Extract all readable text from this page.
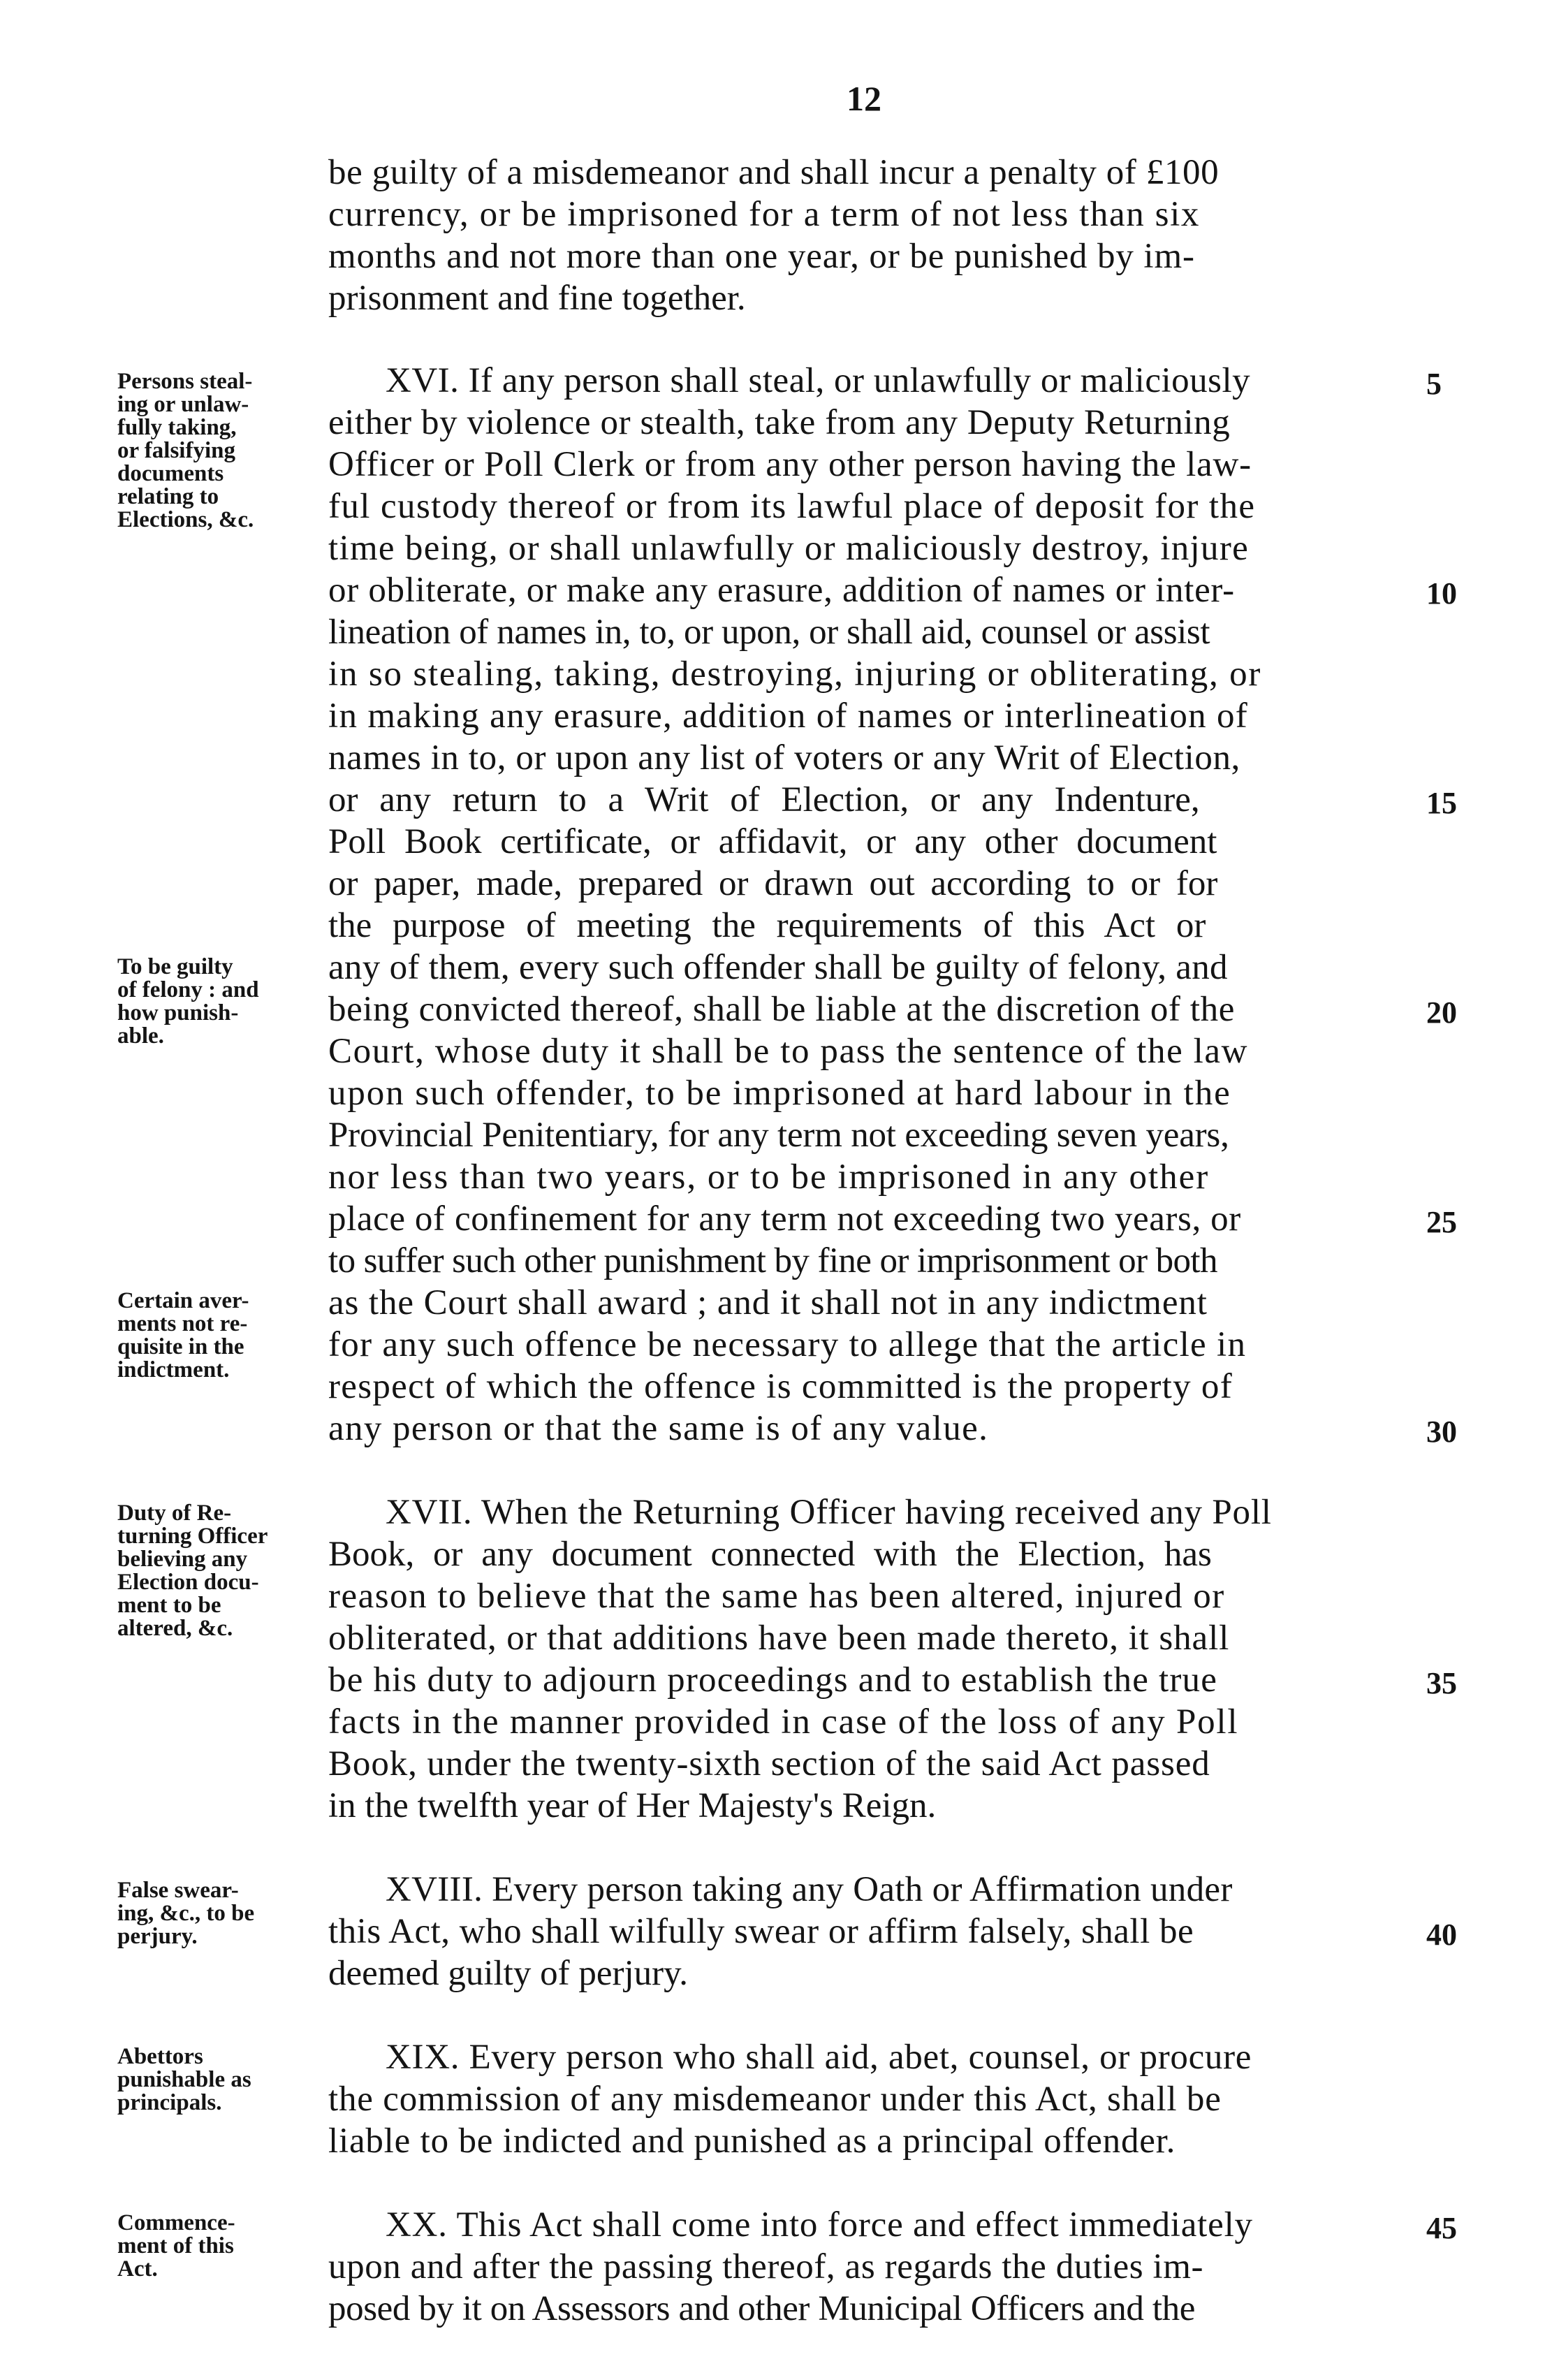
12
be guilty of a misdemeanor and shall incur a penalty of £100
currency, or be imprisoned for a term of not less than six
months and not more than one year, or be punished by im-
prisonment and fine together.
XVI. If any person shall steal, or unlawfully or maliciously
either by violence or stealth, take from any Deputy Returning
Officer or Poll Clerk or from any other person having the law-
ful custody thereof or from its lawful place of deposit for the
time being, or shall unlawfully or maliciously destroy, injure
or obliterate, or make any erasure, addition of names or inter-
lineation of names in, to, or upon, or shall aid, counsel or assist
in so stealing, taking, destroying, injuring or obliterating, or
in making any erasure, addition of names or interlineation of
names in to, or upon any list of voters or any Writ of Election,
or any return to a Writ of Election, or any Indenture,
Poll Book certificate, or affidavit, or any other document
or paper, made, prepared or drawn out according to or for
the purpose of meeting the requirements of this Act or
any of them, every such offender shall be guilty of felony, and
being convicted thereof, shall be liable at the discretion of the
Court, whose duty it shall be to pass the sentence of the law
upon such offender, to be imprisoned at hard labour in the
Provincial Penitentiary, for any term not exceeding seven years,
nor less than two years, or to be imprisoned in any other
place of confinement for any term not exceeding two years, or
to suffer such other punishment by fine or imprisonment or both
as the Court shall award ; and it shall not in any indictment
for any such offence be necessary to allege that the article in
respect of which the offence is committed is the property of
any person or that the same is of any value.
XVII. When the Returning Officer having received any Poll
Book, or any document connected with the Election, has
reason to believe that the same has been altered, injured or
obliterated, or that additions have been made thereto, it shall
be his duty to adjourn proceedings and to establish the true
facts in the manner provided in case of the loss of any Poll
Book, under the twenty-sixth section of the said Act passed
in the twelfth year of Her Majesty's Reign.
XVIII. Every person taking any Oath or Affirmation under
this Act, who shall wilfully swear or affirm falsely, shall be
deemed guilty of perjury.
XIX. Every person who shall aid, abet, counsel, or procure
the commission of any misdemeanor under this Act, shall be
liable to be indicted and punished as a principal offender.
XX. This Act shall come into force and effect immediately
upon and after the passing thereof, as regards the duties im-
posed by it on Assessors and other Municipal Officers and the
5
10
15
20
25
30
35
40
45
Persons steal-
ing or unlaw-
fully taking,
or falsifying
documents
relating to
Elections, &c.
To be guilty
of felony : and
how punish-
able.
Certain aver-
ments not re-
quisite in the
indictment.
Duty of Re-
turning Officer
believing any
Election docu-
ment to be
altered, &c.
False swear-
ing, &c., to be
perjury.
Abettors
punishable as
principals.
Commence-
ment of this
Act.
